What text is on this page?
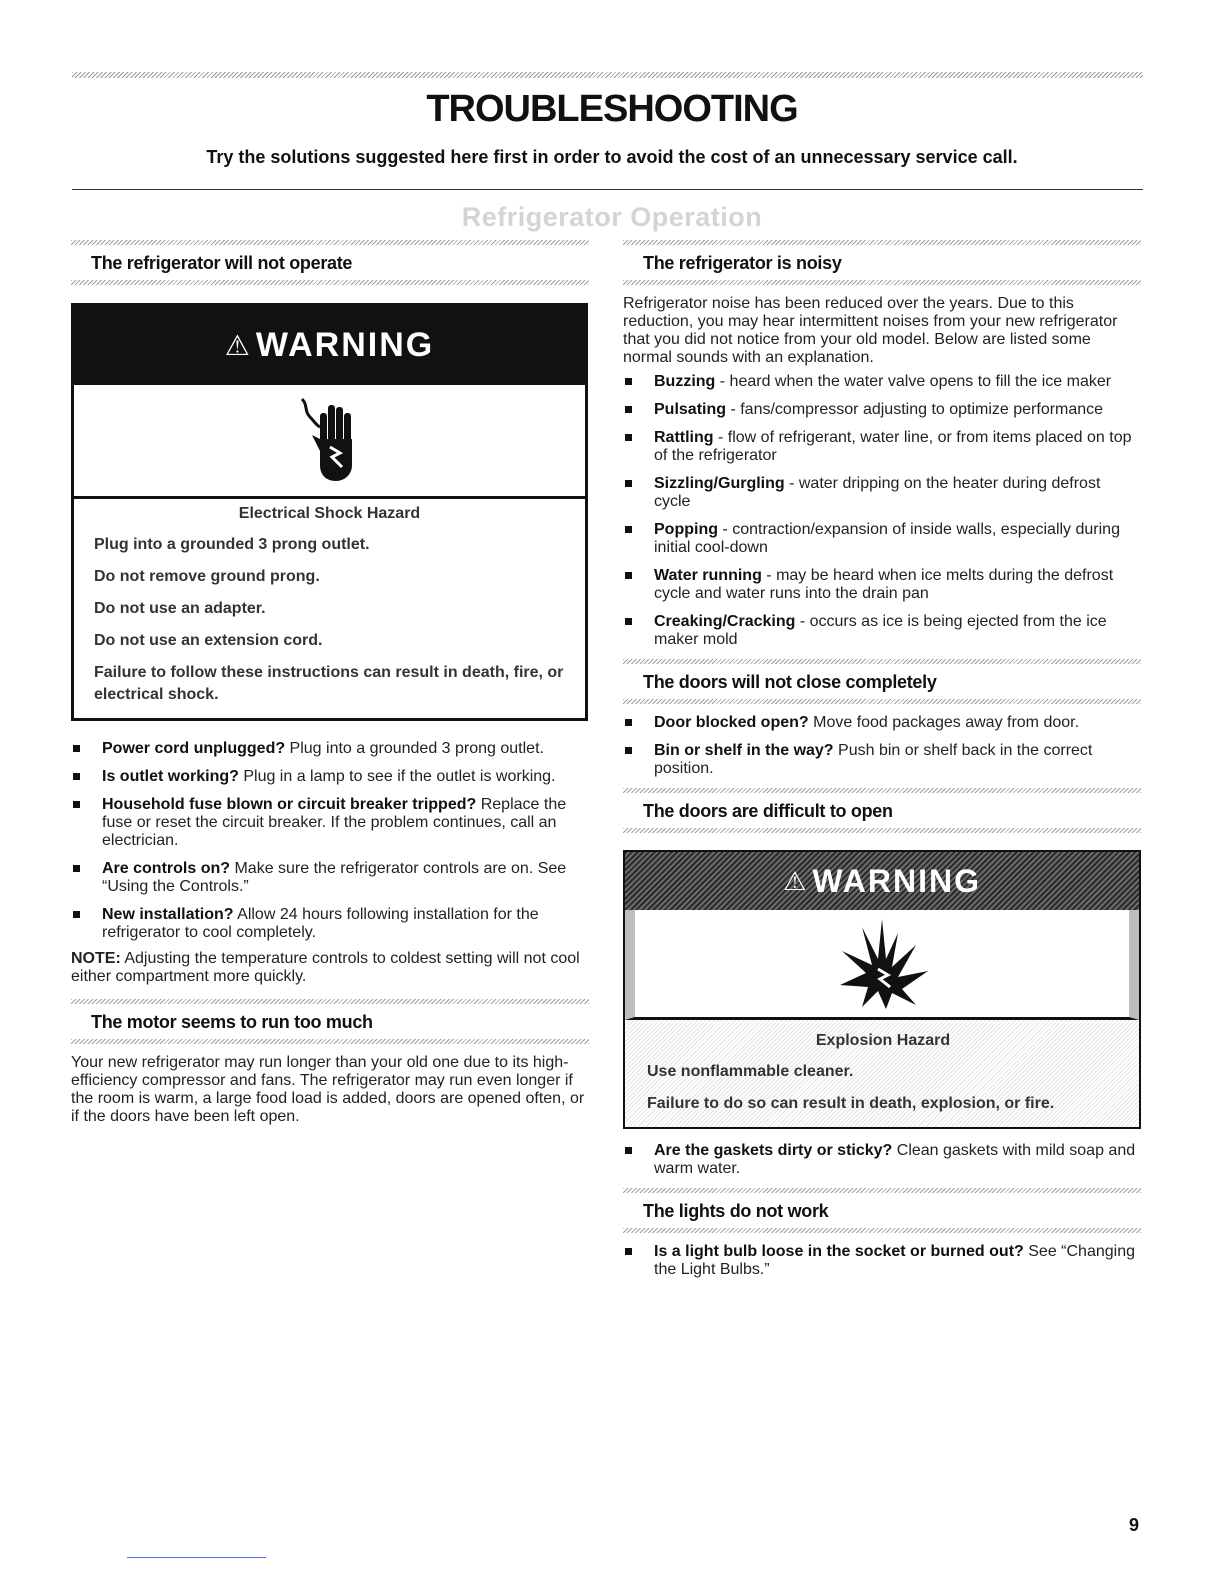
TROUBLESHOOTING

Try the solutions suggested here first in order to avoid the cost of an unnecessary service call.

Refrigerator Operation
The refrigerator will not operate
⚠ WARNING

Electrical Shock Hazard

Plug into a grounded 3 prong outlet.

Do not remove ground prong.

Do not use an adapter.

Do not use an extension cord.

Failure to follow these instructions can result in death, fire, or electrical shock.

Power cord unplugged? Plug into a grounded 3 prong outlet.
Is outlet working? Plug in a lamp to see if the outlet is working.
Household fuse blown or circuit breaker tripped? Replace the fuse or reset the circuit breaker. If the problem continues, call an electrician.
Are controls on? Make sure the refrigerator controls are on. See “Using the Controls.”
New installation? Allow 24 hours following installation for the refrigerator to cool completely.

NOTE: Adjusting the temperature controls to coldest setting will not cool either compartment more quickly.

The motor seems to run too much

Your new refrigerator may run longer than your old one due to its high-efficiency compressor and fans. The refrigerator may run even longer if the room is warm, a large food load is added, doors are opened often, or if the doors have been left open.

The refrigerator is noisy

Refrigerator noise has been reduced over the years. Due to this reduction, you may hear intermittent noises from your new refrigerator that you did not notice from your old model. Below are listed some normal sounds with an explanation.

Buzzing - heard when the water valve opens to fill the ice maker
Pulsating - fans/compressor adjusting to optimize performance
Rattling - flow of refrigerant, water line, or from items placed on top of the refrigerator
Sizzling/Gurgling - water dripping on the heater during defrost cycle
Popping - contraction/expansion of inside walls, especially during initial cool-down
Water running - may be heard when ice melts during the defrost cycle and water runs into the drain pan
Creaking/Cracking - occurs as ice is being ejected from the ice maker mold
The doors will not close completely
Door blocked open? Move food packages away from door.
Bin or shelf in the way? Push bin or shelf back in the correct position.
The doors are difficult to open
⚠ WARNING

Explosion Hazard

Use nonflammable cleaner.

Failure to do so can result in death, explosion, or fire.

Are the gaskets dirty or sticky? Clean gaskets with mild soap and warm water.
The lights do not work
Is a light bulb loose in the socket or burned out? See “Changing the Light Bulbs.”
9
